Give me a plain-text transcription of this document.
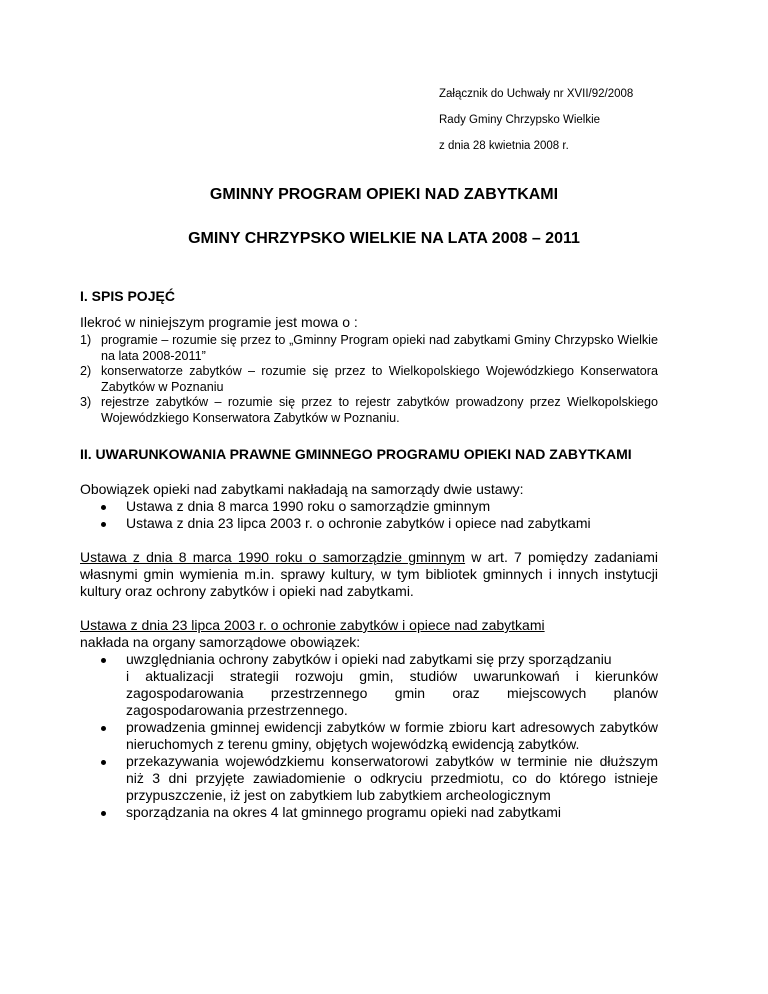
Załącznik do Uchwały nr XVII/92/2008
Rady Gminy Chrzypsko Wielkie
z dnia 28 kwietnia 2008 r.
GMINNY PROGRAM OPIEKI NAD ZABYTKAMI
GMINY CHRZYPSKO WIELKIE NA LATA 2008 – 2011
I. SPIS POJĘĆ
Ilekroć w niniejszym programie jest mowa o :
1) programie – rozumie się przez to „Gminny Program opieki nad zabytkami Gminy Chrzypsko Wielkie na lata 2008-2011”
2) konserwatorze zabytków – rozumie się przez to Wielkopolskiego Wojewódzkiego Konserwatora Zabytków w Poznaniu
3) rejestrze zabytków – rozumie się przez to rejestr zabytków prowadzony przez Wielkopolskiego Wojewódzkiego Konserwatora Zabytków w Poznaniu.
II. UWARUNKOWANIA PRAWNE GMINNEGO PROGRAMU OPIEKI NAD ZABYTKAMI
Obowiązek opieki nad zabytkami nakładają na samorządy dwie ustawy:
Ustawa z dnia 8 marca 1990 roku o samorządzie gminnym
Ustawa z dnia 23 lipca 2003 r. o ochronie zabytków i opiece nad zabytkami
Ustawa z dnia 8 marca 1990 roku o samorządzie gminnym w art. 7 pomiędzy zadaniami własnymi gmin wymienia m.in. sprawy kultury, w tym bibliotek gminnych i innych instytucji kultury oraz ochrony zabytków i opieki nad zabytkami.
Ustawa z dnia 23 lipca 2003 r. o ochronie zabytków i opiece nad zabytkami
nakłada na organy samorządowe obowiązek:
uwzględniania ochrony zabytków i opieki nad zabytkami się przy sporządzaniu
i aktualizacji strategii rozwoju gmin, studiów uwarunkowań i kierunków zagospodarowania przestrzennego gmin oraz miejscowych planów zagospodarowania przestrzennego.
prowadzenia gminnej ewidencji zabytków w formie zbioru kart adresowych zabytków nieruchomych z terenu gminy, objętych wojewódzką ewidencją zabytków.
przekazywania wojewódzkiemu konserwatorowi zabytków w terminie nie dłuższym niż 3 dni przyjęte zawiadomienie o odkryciu przedmiotu, co do którego istnieje przypuszczenie, iż jest on zabytkiem lub zabytkiem archeologicznym
sporządzania na okres 4 lat gminnego programu opieki nad zabytkami
